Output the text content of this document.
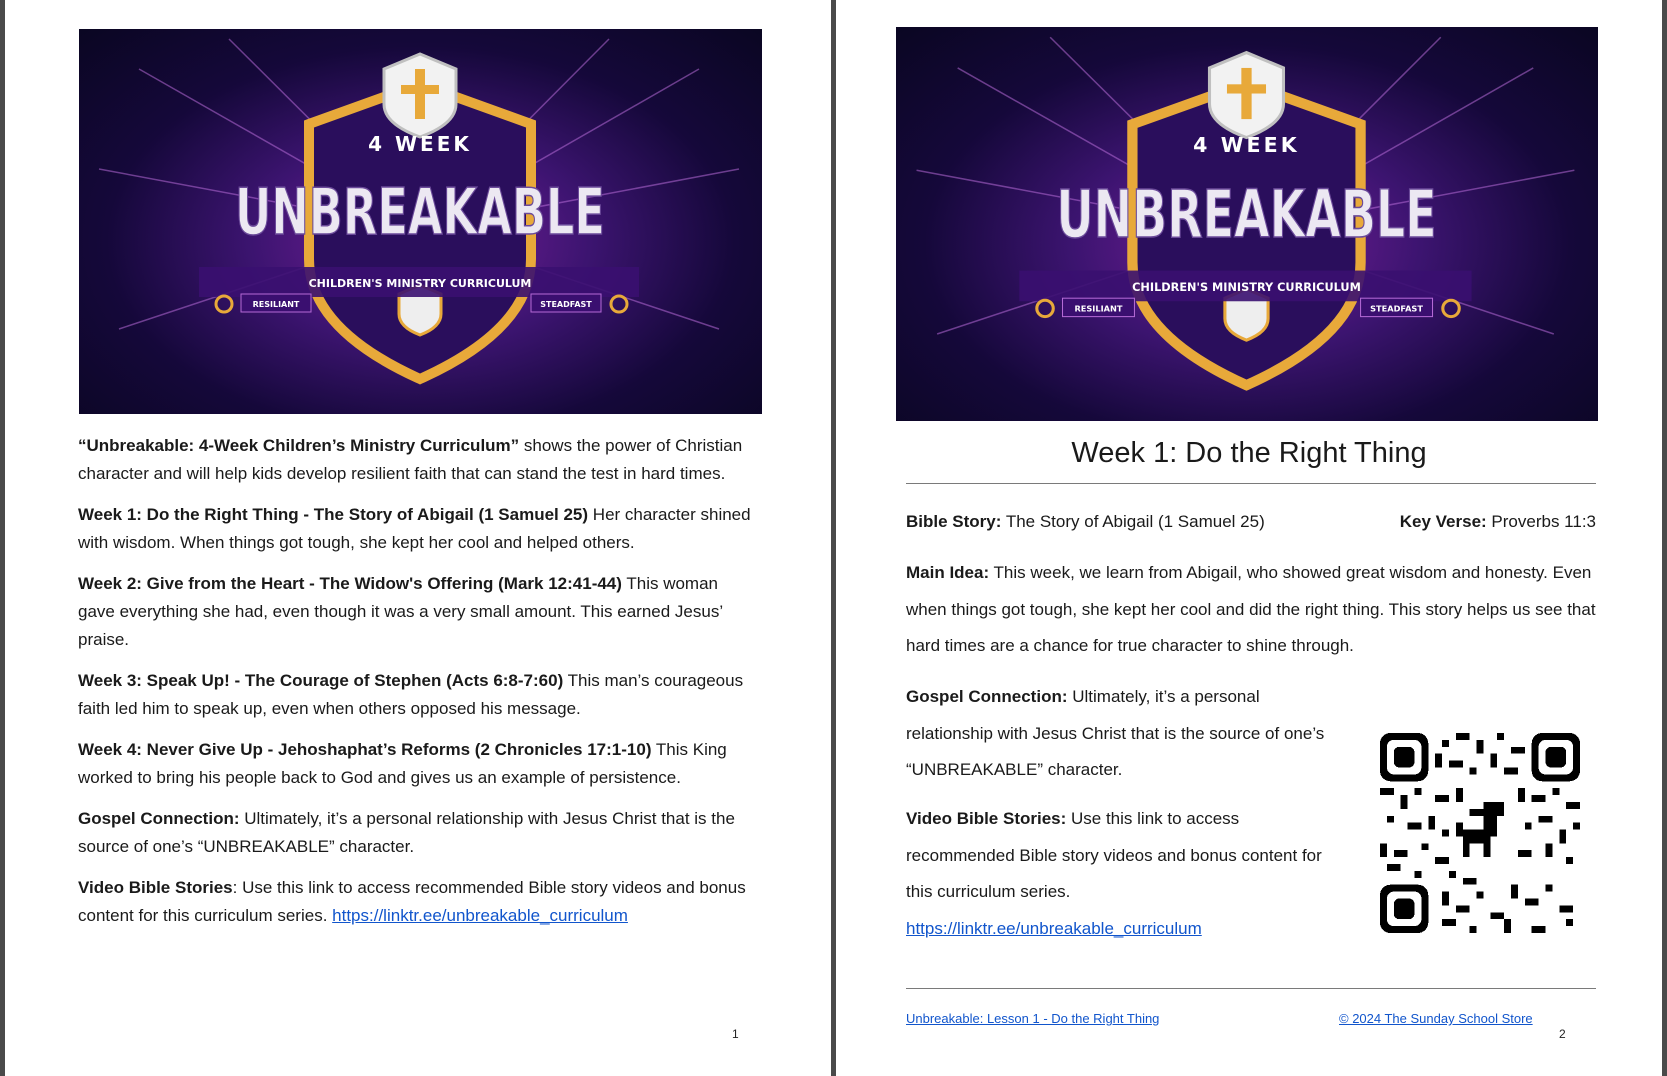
4 WEEK
UNBREAKABLE
CHILDREN'S MINISTRY CURRICULUM
RESILIANT	STEADFAST

“Unbreakable: 4-Week Children’s Ministry Curriculum” shows the power of Christian character and will help kids develop resilient faith that can stand the test in hard times.

Week 1: Do the Right Thing - The Story of Abigail (1 Samuel 25) Her character shined with wisdom. When things got tough, she kept her cool and helped others.

Week 2: Give from the Heart - The Widow's Offering (Mark 12:41-44) This woman gave everything she had, even though it was a very small amount. This earned Jesus’ praise.

Week 3: Speak Up! - The Courage of Stephen (Acts 6:8-7:60) This man’s courageous faith led him to speak up, even when others opposed his message.

Week 4: Never Give Up - Jehoshaphat’s Reforms (2 Chronicles 17:1-10) This King worked to bring his people back to God and gives us an example of persistence.

Gospel Connection: Ultimately, it’s a personal relationship with Jesus Christ that is the source of one’s “UNBREAKABLE” character.

Video Bible Stories: Use this link to access recommended Bible story videos and bonus content for this curriculum series. https://linktr.ee/unbreakable_curriculum

1
4 WEEK
UNBREAKABLE
CHILDREN'S MINISTRY CURRICULUM
RESILIANT	STEADFAST
Week 1: Do the Right Thing
Bible Story: The Story of Abigail (1 Samuel 25)	Key Verse: Proverbs 11:3

Main Idea: This week, we learn from Abigail, who showed great wisdom and honesty. Even when things got tough, she kept her cool and did the right thing. This story helps us see that hard times are a chance for true character to shine through.

Gospel Connection: Ultimately, it’s a personal relationship with Jesus Christ that is the source of one’s “UNBREAKABLE” character.

Video Bible Stories: Use this link to access recommended Bible story videos and bonus content for this curriculum series.

https://linktr.ee/unbreakable_curriculum

Unbreakable: Lesson 1 - Do the Right Thing	© 2024 The Sunday School Store
2
